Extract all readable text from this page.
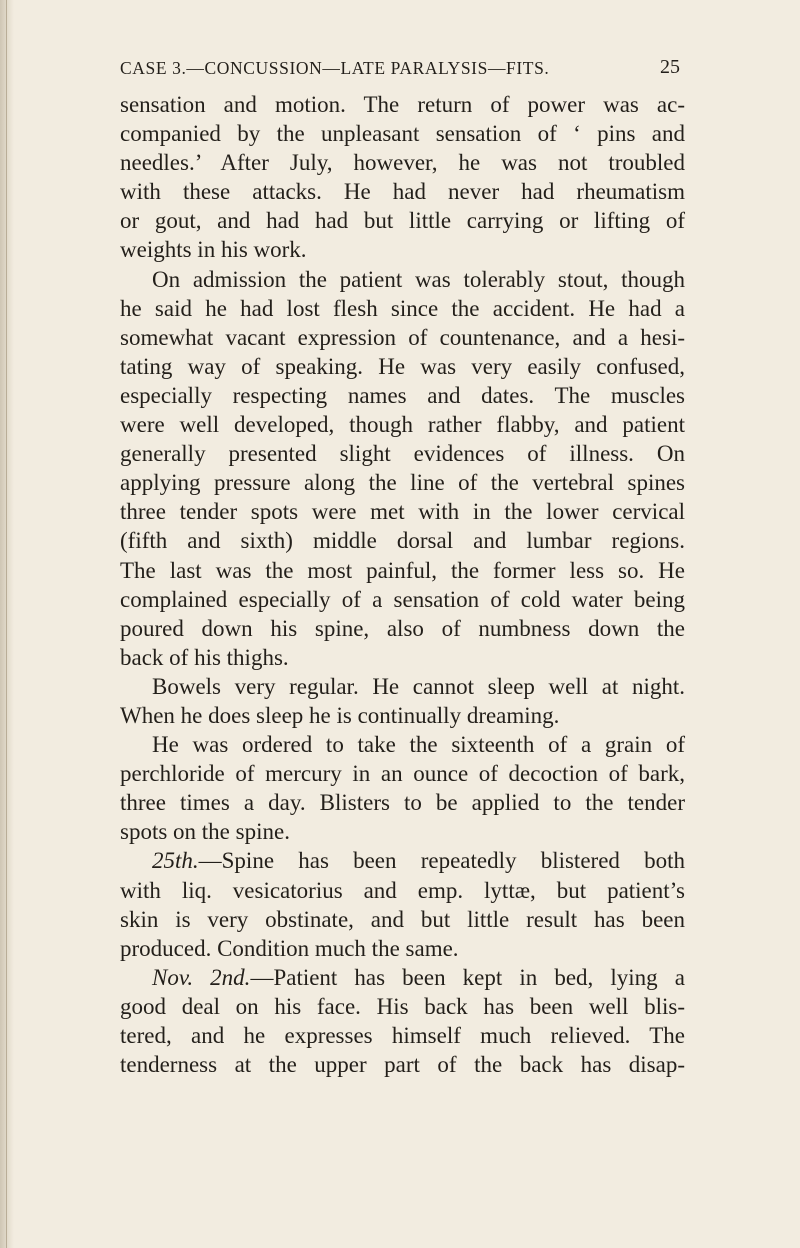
CASE 3.—CONCUSSION—LATE PARALYSIS—FITS.	25
sensation and motion. The return of power was ac-
companied by the unpleasant sensation of ‘ pins and
needles.’ After July, however, he was not troubled
with these attacks. He had never had rheumatism
or gout, and had had but little carrying or lifting of
weights in his work.
On admission the patient was tolerably stout, though
he said he had lost flesh since the accident. He had a
somewhat vacant expression of countenance, and a hesi-
tating way of speaking. He was very easily confused,
especially respecting names and dates. The muscles
were well developed, though rather flabby, and patient
generally presented slight evidences of illness. On
applying pressure along the line of the vertebral spines
three tender spots were met with in the lower cervical
(fifth and sixth) middle dorsal and lumbar regions.
The last was the most painful, the former less so. He
complained especially of a sensation of cold water being
poured down his spine, also of numbness down the
back of his thighs.
Bowels very regular. He cannot sleep well at night.
When he does sleep he is continually dreaming.
He was ordered to take the sixteenth of a grain of
perchloride of mercury in an ounce of decoction of bark,
three times a day. Blisters to be applied to the tender
spots on the spine.
25th.—Spine has been repeatedly blistered both
with liq. vesicatorius and emp. lyttæ, but patient’s
skin is very obstinate, and but little result has been
produced. Condition much the same.
Nov. 2nd.—Patient has been kept in bed, lying a
good deal on his face. His back has been well blis-
tered, and he expresses himself much relieved. The
tenderness at the upper part of the back has disap-
